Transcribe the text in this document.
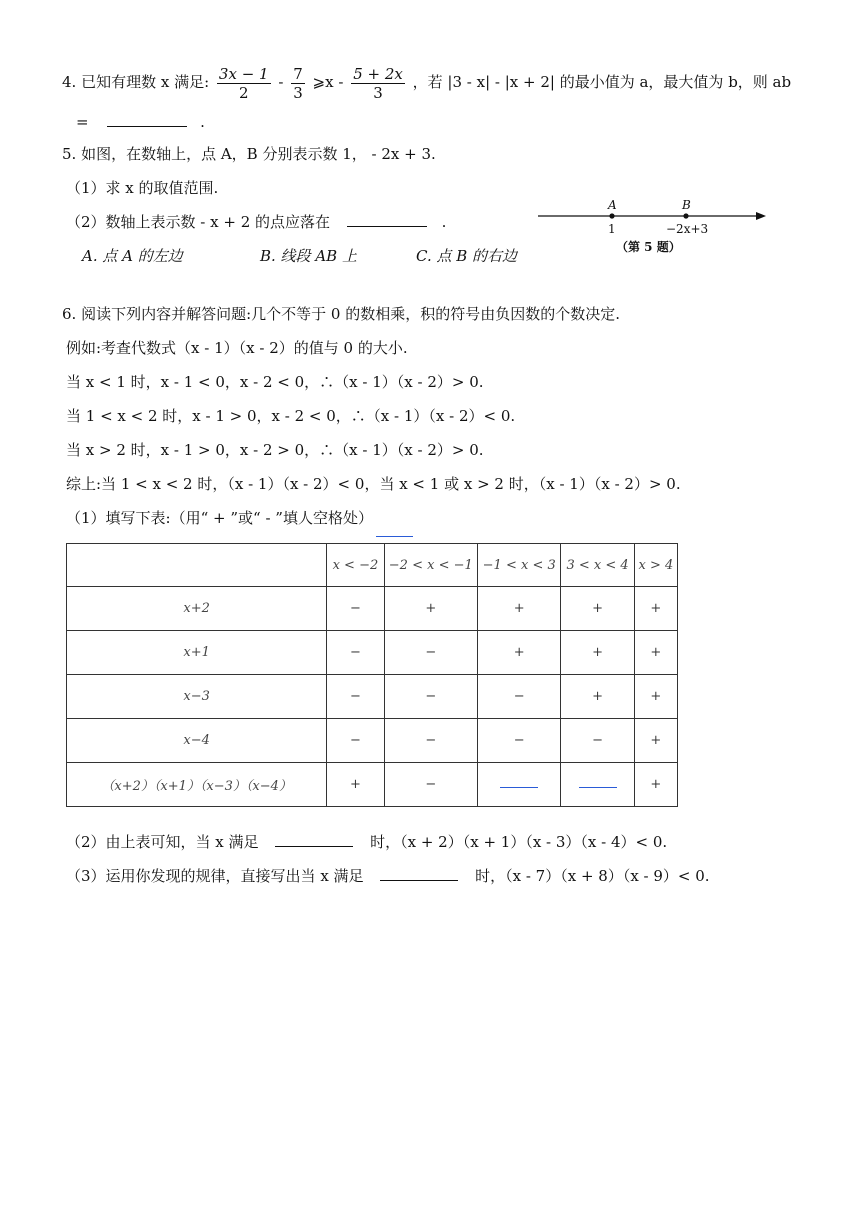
4. 已知有理数 x 满足: $\frac{3x - 1}{2} - \frac{7}{3}$ ⩾x - $\frac{5 + 2x}{3}$ ，若 |3 - x| - |x + 2| 的最小值为 a，最大值为 b，则 ab
=	.
5. 如图，在数轴上，点 A，B 分别表示数 1， - 2x + 3.
（1）求 x 的取值范围.
（2）数轴上表示数 - x + 2 的点应落在	.
A. 点 A 的左边	B. 线段 AB 上	C. 点 B 的右边
A	B
1	−2x+3
（第 5 题）
6. 阅读下列内容并解答问题:几个不等于 0 的数相乘，积的符号由负因数的个数决定.
例如:考查代数式（x - 1）（x - 2）的值与 0 的大小.
当 x < 1 时，x - 1 < 0，x - 2 < 0，∴（x - 1）（x - 2）> 0.
当 1 < x < 2 时，x - 1 > 0，x - 2 < 0，∴（x - 1）（x - 2）< 0.
当 x > 2 时，x - 1 > 0，x - 2 > 0，∴（x - 1）（x - 2）> 0.
综上:当 1 < x < 2 时，（x - 1）（x - 2）< 0，当 x < 1 或 x > 2 时，（x - 1）（x - 2）> 0.
（1）填写下表:（用“ + ”或“ - ”填人空格处）
	x < −2	−2 < x < −1	−1 < x < 3	3 < x < 4	x > 4
x+2	−	+	+	+	+
x+1	−	−	+	+	+
x−3	−	−	−	+	+
x−4	−	−	−	−	+
（x+2）（x+1）（x−3）（x−4）	+	−			+
（2）由上表可知，当 x 满足	时，（x + 2）（x + 1）（x - 3）（x - 4）< 0.
（3）运用你发现的规律，直接写出当 x 满足	时，（x - 7）（x + 8）（x - 9）< 0.
